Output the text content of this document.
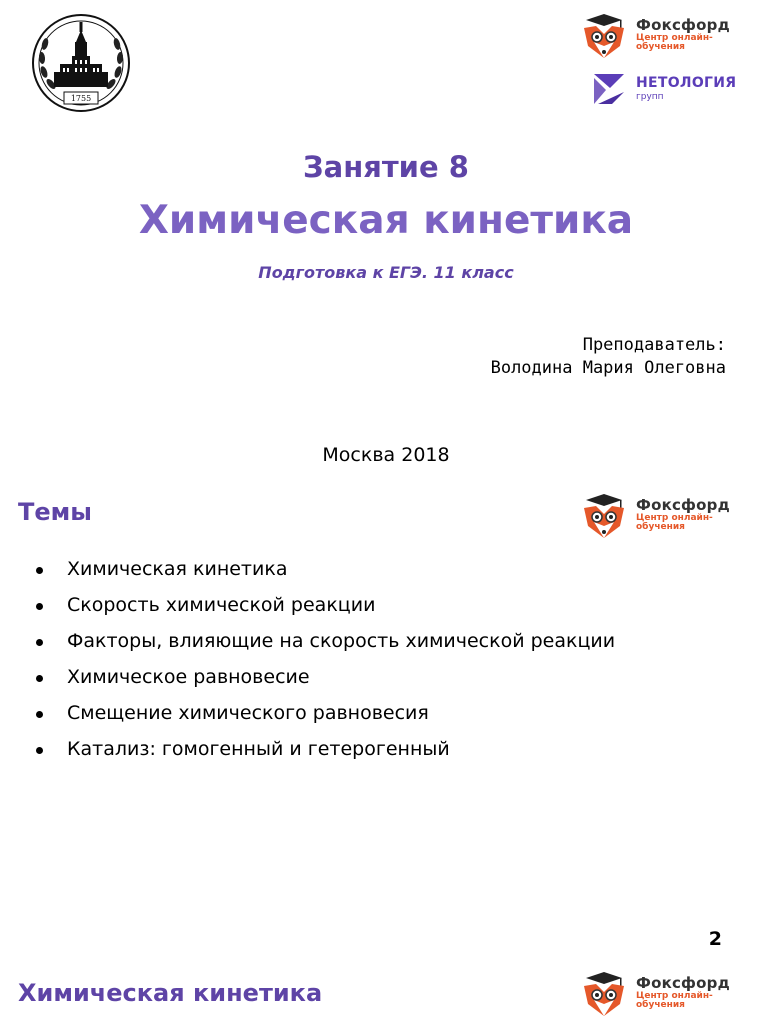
1755
Фоксфорд
Центр онлайн-обучения
НЕТОЛОГИЯ
групп
Занятие 8
Химическая кинетика
Подготовка к ЕГЭ. 11 класс
Преподаватель:
Володина Мария Олеговна
Москва 2018
Темы	Фоксфорд
Центр онлайн-обучения
Химическая кинетика
Скорость химической реакции
Факторы, влияющие на скорость химической реакции
Химическое равновесие
Смещение химического равновесия
Катализ: гомогенный и гетерогенный
2
Химическая кинетика	Фоксфорд
Центр онлайн-обучения
